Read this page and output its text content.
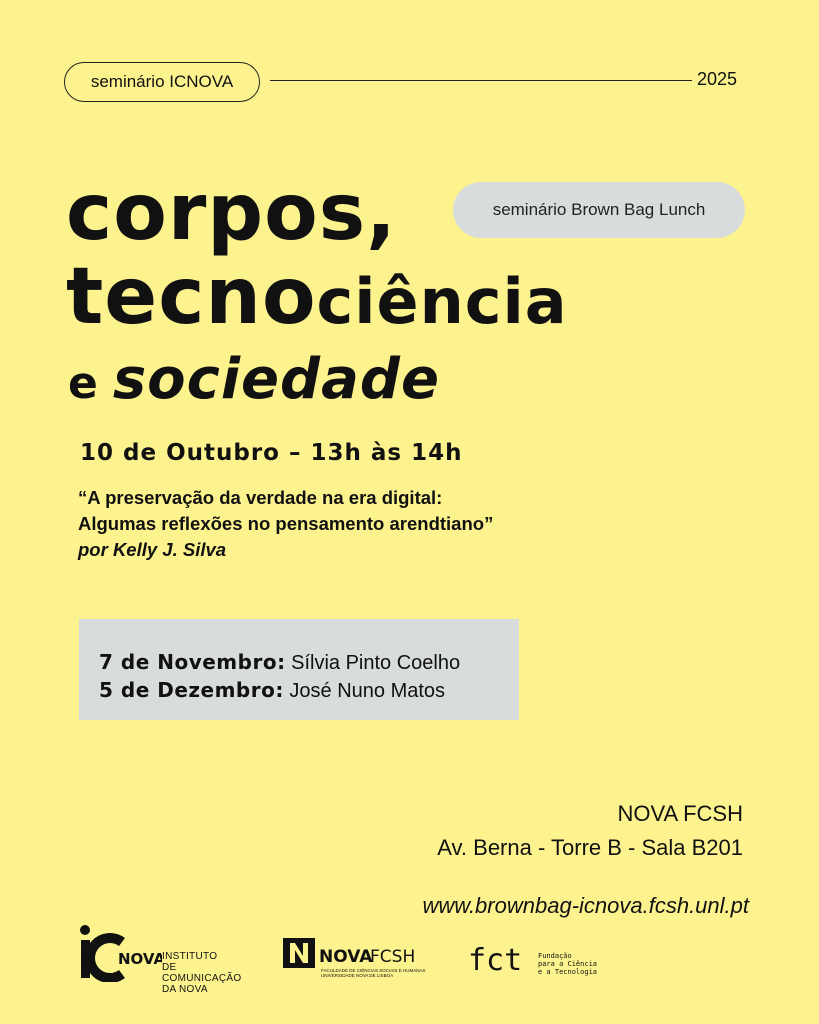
seminário ICNOVA	2025
corpos,
tecnociência
e sociedade
seminário Brown Bag Lunch
10 de Outubro – 13h às 14h
“A preservação da verdade na era digital:
Algumas reflexões no pensamento arendtiano”
por Kelly J. Silva
7 de Novembro: Sílvia Pinto Coelho
5 de Dezembro: José Nuno Matos
NOVA FCSH
Av. Berna - Torre B - Sala B201
www.brownbag-icnova.fcsh.unl.pt
NOVA
INSTITUTO
DE COMUNICAÇÃO
DA NOVA
NOVA
FCSH
FACULDADE DE CIÊNCIAS SOCIAIS E HUMANAS
UNIVERSIDADE NOVA DE LISBOA	fct Fundação
para a Ciência
e a Tecnologia
